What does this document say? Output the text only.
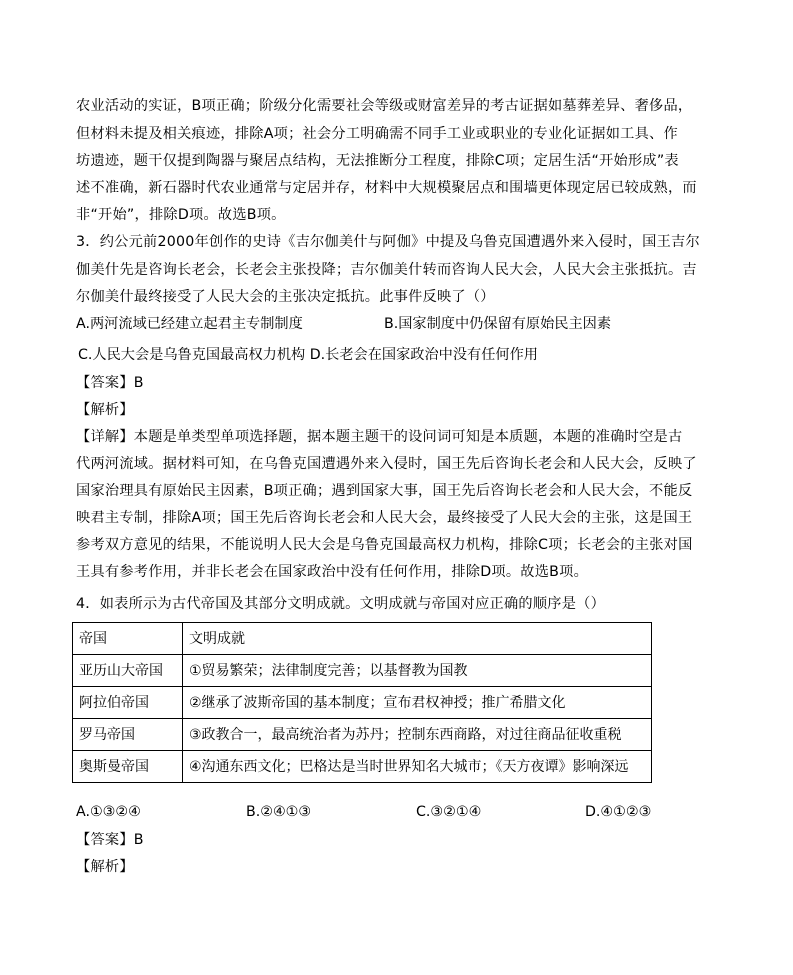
农业活动的实证，B项正确；阶级分化需要社会等级或财富差异的考古证据如墓葬差异、奢侈品，
但材料未提及相关痕迹，排除A项；社会分工明确需不同手工业或职业的专业化证据如工具、作
坊遗迹，题干仅提到陶器与聚居点结构，无法推断分工程度，排除C项；定居生活“开始形成”表
述不准确，新石器时代农业通常与定居并存，材料中大规模聚居点和围墙更体现定居已较成熟，而
非“开始”，排除D项。故选B项。
3．约公元前2000年创作的史诗《吉尔伽美什与阿伽》中提及乌鲁克国遭遇外来入侵时，国王吉尔
伽美什先是咨询长老会，长老会主张投降；吉尔伽美什转而咨询人民大会，人民大会主张抵抗。吉
尔伽美什最终接受了人民大会的主张决定抵抗。此事件反映了（）
A.两河流域已经建立起君主专制制度	B.国家制度中仍保留有原始民主因素
C.人民大会是乌鲁克国最高权力机构 D.长老会在国家政治中没有任何作用
【答案】B
【解析】
【详解】本题是单类型单项选择题，据本题主题干的设问词可知是本质题，本题的准确时空是古
代两河流域。据材料可知，在乌鲁克国遭遇外来入侵时，国王先后咨询长老会和人民大会，反映了
国家治理具有原始民主因素，B项正确；遇到国家大事，国王先后咨询长老会和人民大会，不能反
映君主专制，排除A项；国王先后咨询长老会和人民大会，最终接受了人民大会的主张，这是国王
参考双方意见的结果，不能说明人民大会是乌鲁克国最高权力机构，排除C项；长老会的主张对国
王具有参考作用，并非长老会在国家政治中没有任何作用，排除D项。故选B项。
4．如表所示为古代帝国及其部分文明成就。文明成就与帝国对应正确的顺序是（）
帝国	文明成就
亚历山大帝国	①贸易繁荣；法律制度完善；以基督教为国教
阿拉伯帝国	②继承了波斯帝国的基本制度；宣布君权神授；推广希腊文化
罗马帝国	③政教合一，最高统治者为苏丹；控制东西商路，对过往商品征收重税
奥斯曼帝国	④沟通东西文化；巴格达是当时世界知名大城市；《天方夜谭》影响深远
A.①③②④	B.②④①③	C.③②①④	D.④①②③
【答案】B
【解析】
